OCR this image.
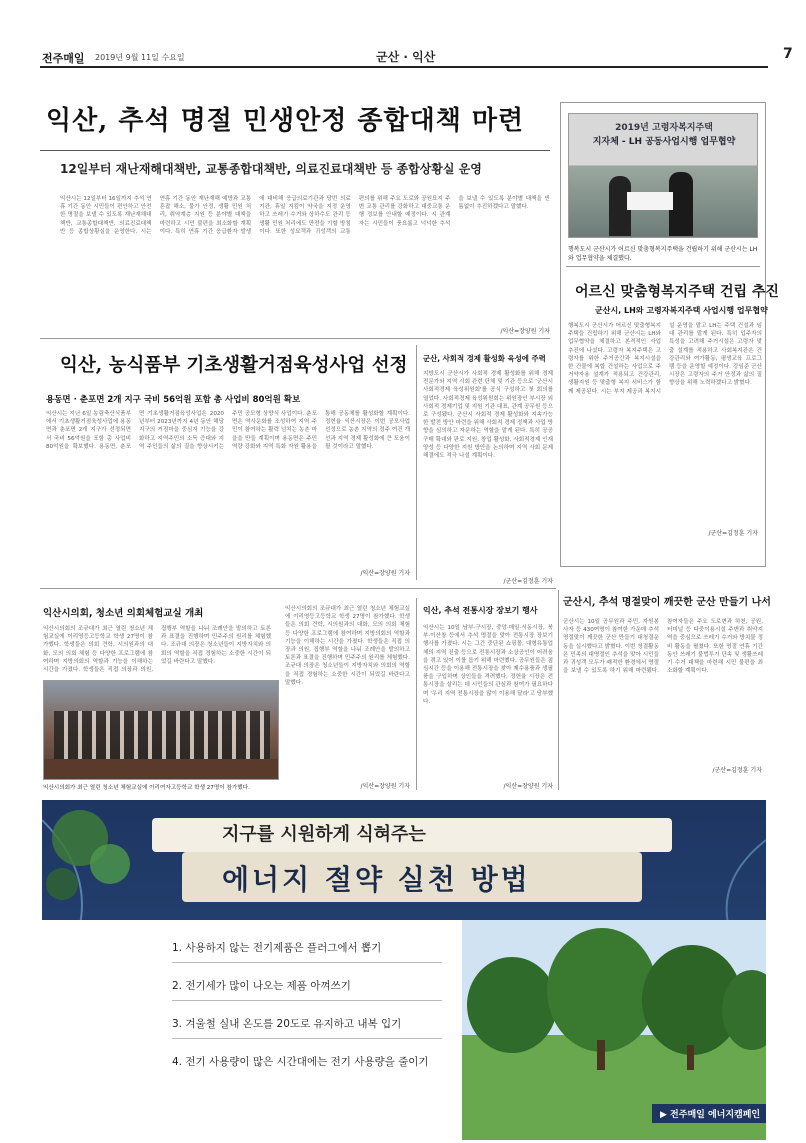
전주매일 2019년 9월 11일 수요일	군산 · 익산	7
익산, 추석 명절 민생안정 종합대책 마련
12일부터 재난재해대책반, 교통종합대책반, 의료진료대책반 등 종합상황실 운영
익산시는 12일부터 16일까지 추석 연휴 기간 동안 시민들이 편안하고 안전한 명절을 보낼 수 있도록 재난재해대책반, 교통종합대책반, 의료진료대책반 등 종합상황실을 운영한다. 시는 연휴 기간 동안 재난재해 예방과 교통 혼잡 해소, 물가 안정, 생활 민원 처리, 취약계층 지원 등 분야별 대책을 마련하고 시민 불편을 최소화할 계획이다. 특히 연휴 기간 응급환자 발생에 대비해 응급의료기관과 당번 의료기관, 휴일 지킴이 약국을 지정 운영하고 쓰레기 수거와 상하수도 관리 등 생활 민원 처리에도 만전을 기할 방침이다. 또한 성묘객과 귀성객의 교통 편의를 위해 주요 도로와 공원묘지 주변 교통 관리를 강화하고 대중교통 운행 정보를 안내할 예정이다. 시 관계자는 시민들이 풍요롭고 넉넉한 추석을 보낼 수 있도록 분야별 대책을 빈틈없이 추진하겠다고 말했다.
/익산=장양원 기자
2019년 고령자복지주택
지자체 - LH 공동사업시행 업무협약
행복도시 군산시가 어르신 맞춤형복지주택을 건립하기 위해 군산시는 LH와 업무협약을 체결했다.
어르신 맞춤형복지주택 건립 추진
군산시, LH와 고령자복지주택 사업시행 업무협약
행복도시 군산시가 어르신 맞춤형복지주택을 건립하기 위해 군산시는 LH와 업무협약을 체결하고 본격적인 사업 추진에 나섰다. 고령자 복지주택은 고령자를 위한 주거공간과 복지시설을 한 건물에 복합 건설하는 사업으로 주거약자용 설계가 적용되고 건강관리, 생활지원 등 맞춤형 복지 서비스가 함께 제공된다. 시는 부지 제공과 복지시설 운영을 맡고 LH는 주택 건설과 임대 관리를 맡게 된다. 특히 입주자의 특성을 고려해 주거시설은 고령자 맞춤 설계를 적용하고 사회복지관은 건강관리와 여가활동, 평생교육 프로그램 등을 운영할 예정이다. 강임준 군산시장은 고령자의 주거 안정과 삶의 질 향상을 위해 노력하겠다고 밝혔다.
/군산=김정훈 기자
익산, 농식품부 기초생활거점육성사업 선정
용동면 · 춘포면 2개 지구 국비 56억원 포함 총 사업비 80억원 확보
익산시는 지난 6일 농림축산식품부에서 기초생활거점육성사업에 용동면과 춘포면 2개 지구가 선정되면서 국비 56억원을 포함 총 사업비 80억원을 확보했다. 용동면, 춘포면 기초생활거점육성사업은 2020년부터 2023년까지 4년 동안 해당 지구의 거점마을 중심지 기능을 강화하고 지역주민의 소득 증대와 지역 주민들의 삶의 질을 향상시키는 주민 공모형 상향식 사업이다. 춘포면은 역사문화를 조성하여 지역 주민이 참여하는 활력 넘치는 농촌 마을을 만들 계획이며 용동면은 주민 역량 강화와 지역 특화 자원 활용을 통해 공동체를 활성화할 계획이다. 정헌율 익산시장은 이번 공모사업 선정으로 농촌 지역의 정주 여건 개선과 지역 경제 활성화에 큰 도움이 될 것이라고 말했다.
/익산=장양원 기자
군산, 사회적 경제 활성화 육성에 주력
지방도시 군산시가 사회적 경제 활성화를 위해 경제 전문가와 지역 시회 관련 단체 및 기관 등으로 '군산시 사회적경제 육성위원회'를 공식 구성하고 첫 회의를 열었다. 사회적경제 육성위원회는 위원장인 부시장 외 사회적 경제기업 및 지원 기관 대표, 관계 공무원 등으로 구성됐다. 군산시 사회적 경제 활성화와 지속가능한 발전 방안 마련을 위해 사회적 경제 정책과 사업 방향을 심의하고 자문하는 역할을 맡게 된다. 특히 공공구매 확대와 판로 지원, 창업 활성화, 사회적경제 인재 양성 등 다양한 지원 방안을 논의하며 지역 사회 문제 해결에도 적극 나설 계획이다.
/군산=김정훈 기자
군산시, 추석 명절맞이 깨끗한 군산 만들기 나서
군산시는 10일 공무원과 주민, 자원봉사자 등 430여명이 참여한 가운데 추석 명절맞이 깨끗한 군산 만들기 대청결운동을 실시했다고 밝혔다. 이번 청결활동은 민족의 대명절인 추석을 맞아 시민들과 귀성객 모두가 쾌적한 환경에서 명절을 보낼 수 있도록 하기 위해 마련됐다. 참여자들은 주요 도로변과 하천, 공원, 터미널 등 다중이용시설 주변과 취약지역을 중심으로 쓰레기 수거와 방치물 정비 활동을 펼쳤다. 또한 명절 연휴 기간 동안 쓰레기 불법투기 단속 및 생활쓰레기 수거 대책을 마련해 시민 불편을 최소화할 계획이다.
/군산=김정훈 기자
익산시의회, 청소년 의회체험교실 개최
익산시의회의 조규대가 최근 열린 청소년 체험교실에 이리영등고등학교 학생 27명이 참가했다. 학생들은 의회 견학, 시의원과의 대화, 모의 의회 체험 등 다양한 프로그램에 참여하며 지방의회의 역할과 기능을 이해하는 시간을 가졌다. 학생들은 직접 의장과 의원, 집행부 역할을 나눠 조례안을 발의하고 토론과 표결을 진행하며 민주주의 원리를 체험했다. 조규대 의장은 청소년들이 지방자치와 의회의 역할을 직접 경험하는 소중한 시간이 되었길 바란다고 말했다.
익산시의회가 최근 열린 청소년 체험교실에 이리여자고등학교 학생 27명이 참가했다.
익산시의회의 조규대가 최근 열린 청소년 체험교실에 이리영등고등학교 학생 27명이 참가했다. 학생들은 의회 견학, 시의원과의 대화, 모의 의회 체험 등 다양한 프로그램에 참여하며 지방의회의 역할과 기능을 이해하는 시간을 가졌다. 학생들은 직접 의장과 의원, 집행부 역할을 나눠 조례안을 발의하고 토론과 표결을 진행하며 민주주의 원리를 체험했다. 조규대 의장은 청소년들이 지방자치와 의회의 역할을 직접 경험하는 소중한 시간이 되었길 바란다고 말했다.
/익산=장양원 기자
익산, 추석 전통시장 장보기 행사
익산시는 10일 남부·구시장, 중앙·매일·서동시장, 북부·이산창 등에서 추석 명절을 맞아 전통시장 장보기 행사를 가졌다. 시는 그간 중단된 쇼핑몰, 대형유통업체의 지역 진출 등으로 전통시장과 소상공인이 어려움을 겪고 있어 이를 돕기 위해 마련했다. 공무원들은 점심시간 등을 이용해 전통시장을 찾아 제수용품과 생필품을 구입하며 상인들을 격려했다. 정헌율 시장은 전통시장을 살리는 데 시민들의 관심과 참여가 필요하다며 '우리 지역 전통시장을 많이 이용해 달라'고 당부했다.
/익산=장양원 기자
지구를 시원하게 식혀주는
에너지 절약 실천 방법
1. 사용하지 않는 전기제품은 플러그에서 뽑기
2. 전기세가 많이 나오는 제품 아껴쓰기
3. 겨울철 실내 온도를 20도로 유지하고 내복 입기
4. 전기 사용량이 많은 시간대에는 전기 사용량을 줄이기
▶ 전주매일 에너지캠페인
